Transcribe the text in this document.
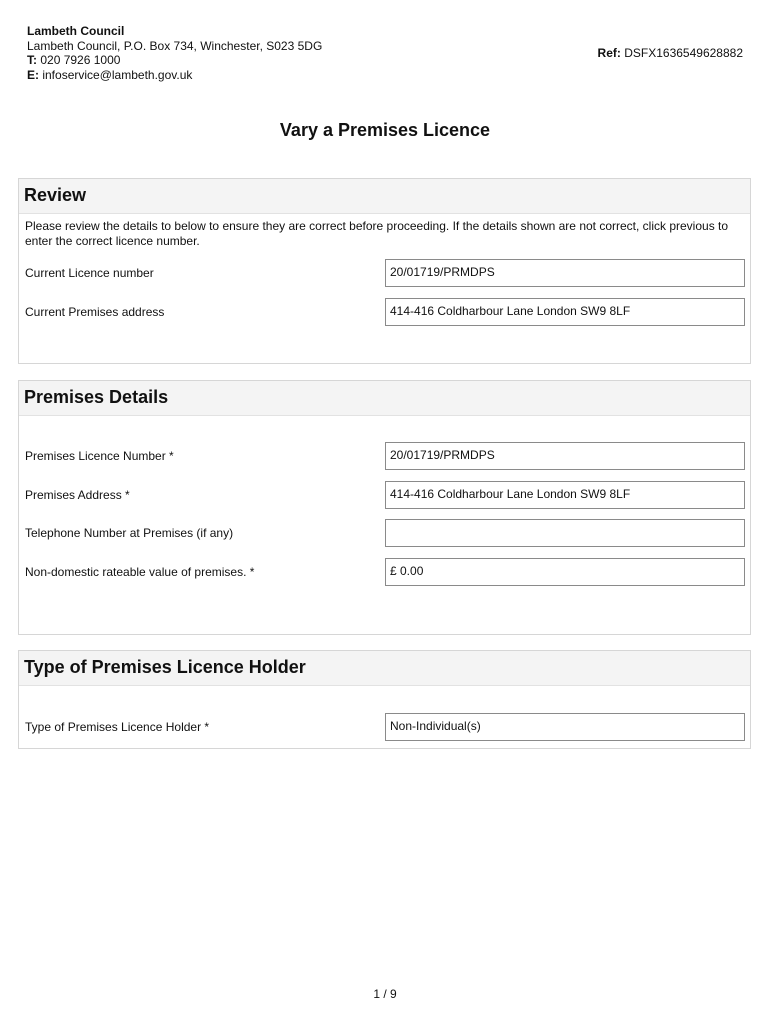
Lambeth Council
Lambeth Council, P.O. Box 734, Winchester, S023 5DG
T: 020 7926 1000
E: infoservice@lambeth.gov.uk
Ref: DSFX1636549628882
Vary a Premises Licence
Review
Please review the details to below to ensure they are correct before proceeding. If the details shown are not correct, click previous to enter the correct licence number.
Current Licence number	20/01719/PRMDPS
Current Premises address	414-416 Coldharbour Lane London SW9 8LF
Premises Details
Premises Licence Number *	20/01719/PRMDPS
Premises Address *	414-416 Coldharbour Lane London SW9 8LF
Telephone Number at Premises (if any)
Non-domestic rateable value of premises. *	£ 0.00
Type of Premises Licence Holder
Type of Premises Licence Holder *	Non-Individual(s)
1 / 9
